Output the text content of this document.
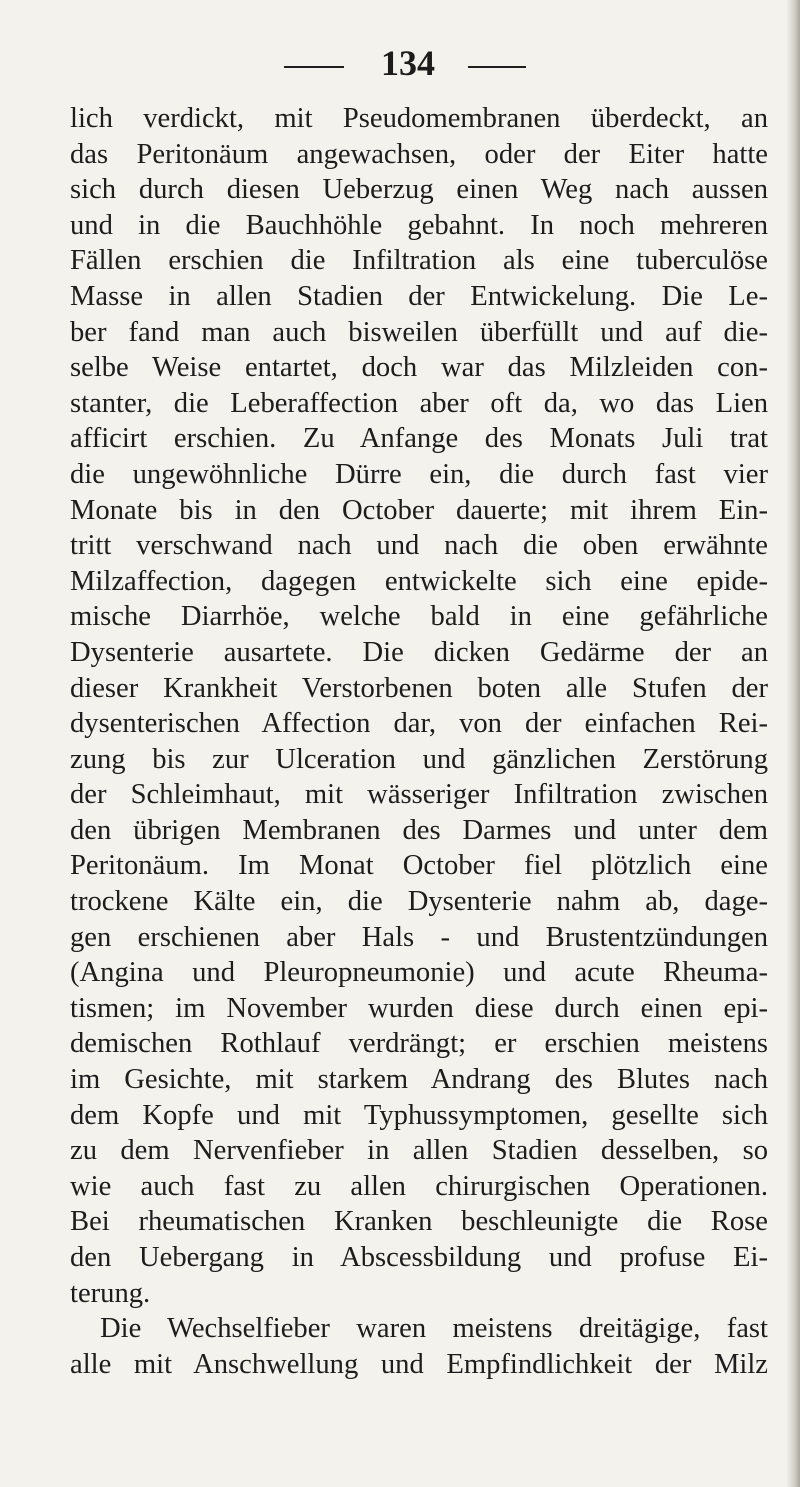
134
lich verdickt, mit Pseudomembranen überdeckt, an
das Peritonäum angewachsen, oder der Eiter hatte
sich durch diesen Ueberzug einen Weg nach aussen
und in die Bauchhöhle gebahnt. In noch mehreren
Fällen erschien die Infiltration als eine tuberculöse
Masse in allen Stadien der Entwickelung. Die Le-
ber fand man auch bisweilen überfüllt und auf die-
selbe Weise entartet, doch war das Milzleiden con-
stanter, die Leberaffection aber oft da, wo das Lien
afficirt erschien. Zu Anfange des Monats Juli trat
die ungewöhnliche Dürre ein, die durch fast vier
Monate bis in den October dauerte; mit ihrem Ein-
tritt verschwand nach und nach die oben erwähnte
Milzaffection, dagegen entwickelte sich eine epide-
mische Diarrhöe, welche bald in eine gefährliche
Dysenterie ausartete. Die dicken Gedärme der an
dieser Krankheit Verstorbenen boten alle Stufen der
dysenterischen Affection dar, von der einfachen Rei-
zung bis zur Ulceration und gänzlichen Zerstörung
der Schleimhaut, mit wässeriger Infiltration zwischen
den übrigen Membranen des Darmes und unter dem
Peritonäum. Im Monat October fiel plötzlich eine
trockene Kälte ein, die Dysenterie nahm ab, dage-
gen erschienen aber Hals - und Brustentzündungen
(Angina und Pleuropneumonie) und acute Rheuma-
tismen; im November wurden diese durch einen epi-
demischen Rothlauf verdrängt; er erschien meistens
im Gesichte, mit starkem Andrang des Blutes nach
dem Kopfe und mit Typhussymptomen, gesellte sich
zu dem Nervenfieber in allen Stadien desselben, so
wie auch fast zu allen chirurgischen Operationen.
Bei rheumatischen Kranken beschleunigte die Rose
den Uebergang in Abscessbildung und profuse Ei-
terung.
Die Wechselfieber waren meistens dreitägige, fast
alle mit Anschwellung und Empfindlichkeit der Milz
